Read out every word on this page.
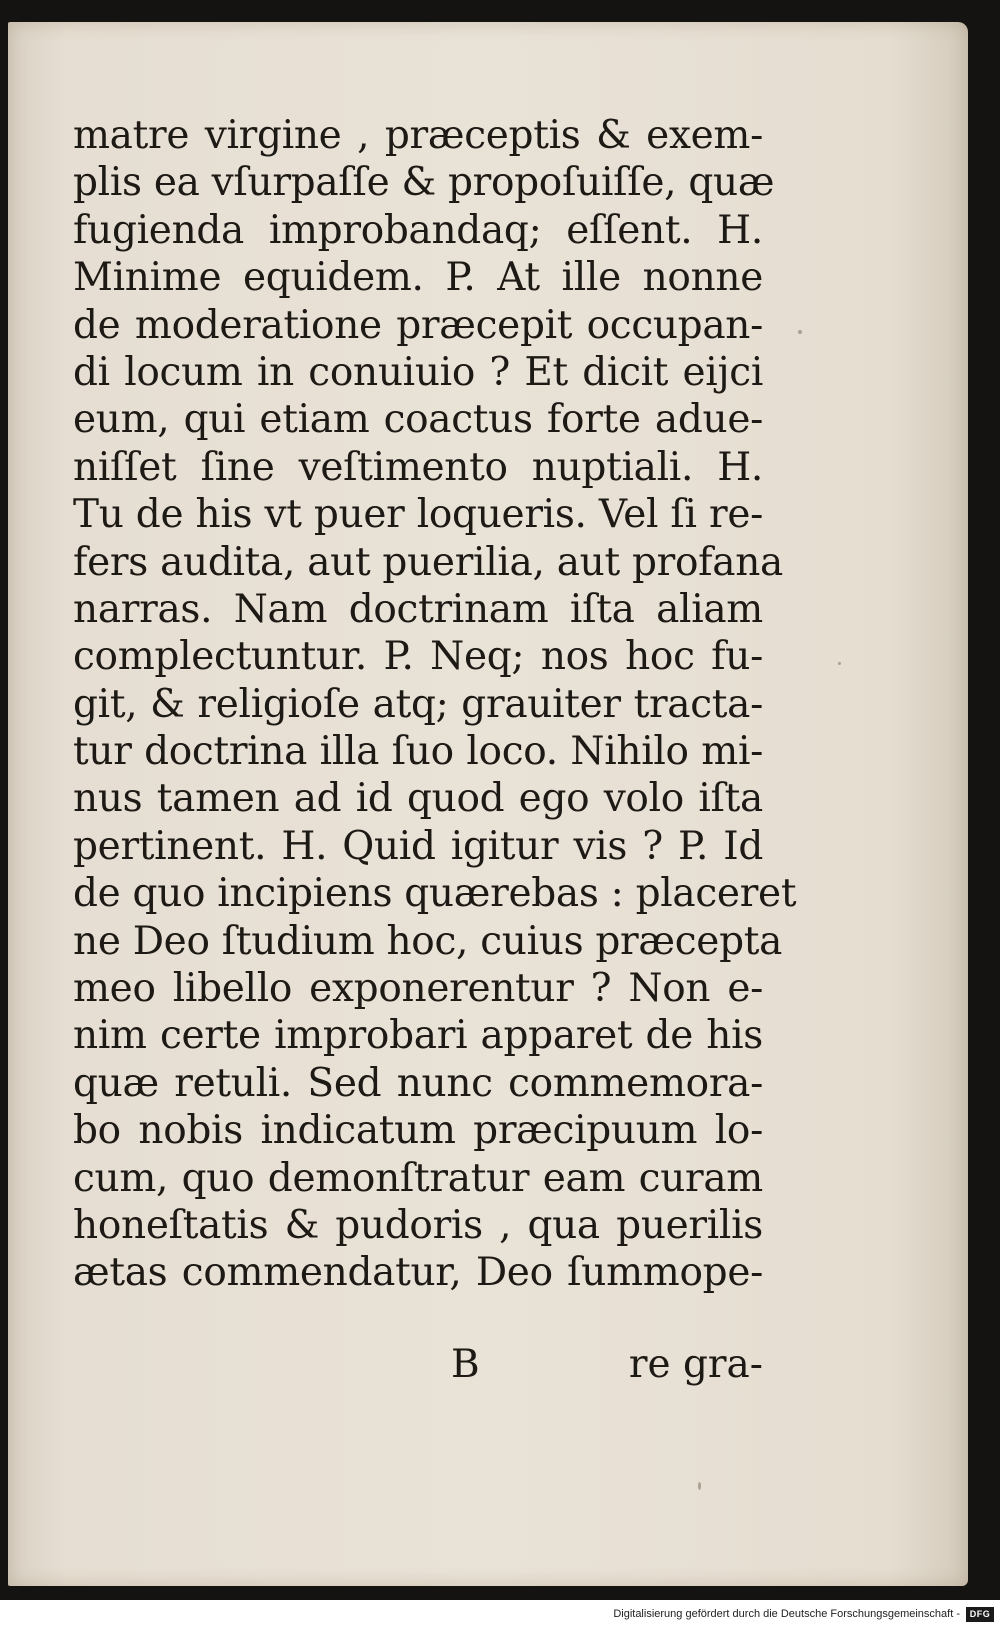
matre virgine , præceptis & exem-
plis ea vſurpaſſe & propoſuiſſe, quæ
fugienda improbandaq; eſſent. H.
Minime equidem. P. At ille nonne
de moderatione præcepit occupan-
di locum in conuiuio ? Et dicit eijci
eum, qui etiam coactus forte adue-
niſſet ſine veſtimento nuptiali. H.
Tu de his vt puer loqueris. Vel ſi re-
fers audita, aut puerilia, aut profana
narras. Nam doctrinam iſta aliam
complectuntur. P. Neq; nos hoc fu-
git, & religioſe atq; grauiter tracta-
tur doctrina illa ſuo loco. Nihilo mi-
nus tamen ad id quod ego volo iſta
pertinent. H. Quid igitur vis ? P. Id
de quo incipiens quærebas : placeret
ne Deo ſtudium hoc, cuius præcepta
meo libello exponerentur ? Non e-
nim certe improbari apparet de his
quæ retuli. Sed nunc commemora-
bo nobis indicatum præcipuum lo-
cum, quo demonſtratur eam curam
honeſtatis & pudoris , qua puerilis
ætas commendatur, Deo ſummope-
B	re gra-
Digitalisierung gefördert durch die Deutsche Forschungsgemeinschaft -	DFG
